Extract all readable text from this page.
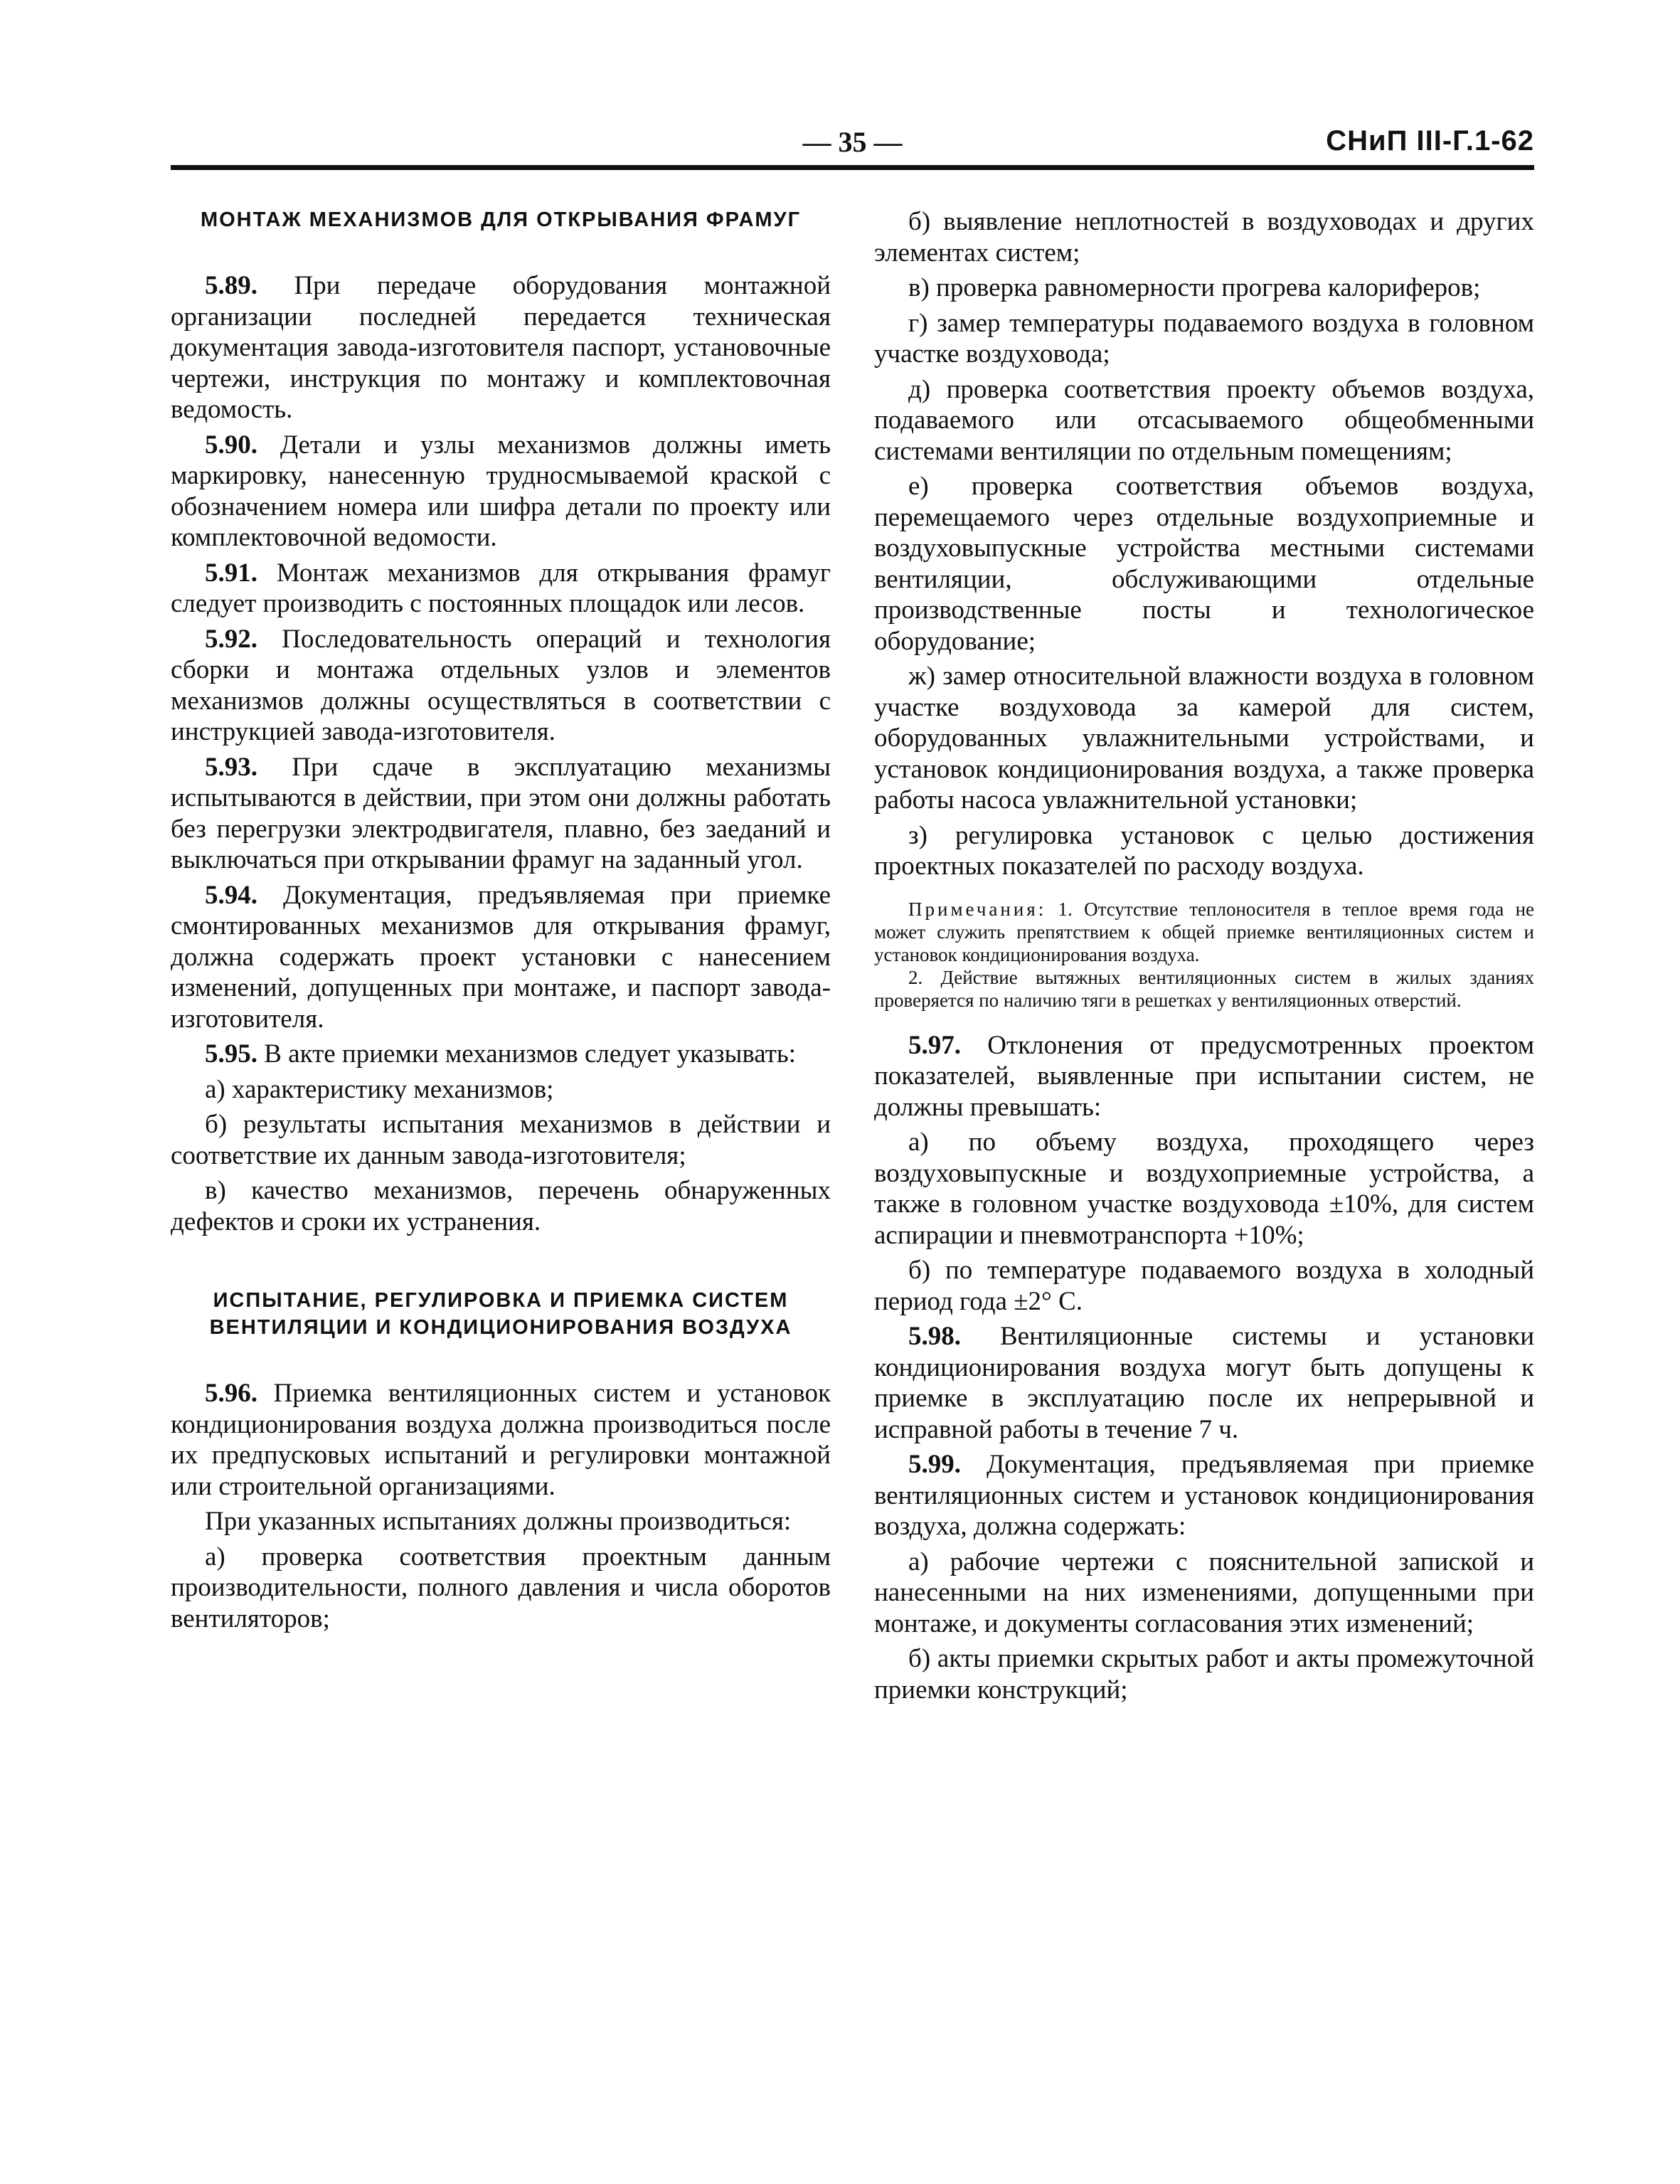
— 35 —	СНиП III-Г.1-62
МОНТАЖ МЕХАНИЗМОВ ДЛЯ ОТКРЫВАНИЯ ФРАМУГ

5.89. При передаче оборудования монтажной организации последней передается техническая документация завода-изготовителя паспорт, установочные чертежи, инструкция по монтажу и комплектовочная ведомость.

5.90. Детали и узлы механизмов должны иметь маркировку, нанесенную трудносмываемой краской с обозначением номера или шифра детали по проекту или комплектовочной ведомости.

5.91. Монтаж механизмов для открывания фрамуг следует производить с постоянных площадок или лесов.

5.92. Последовательность операций и технология сборки и монтажа отдельных узлов и элементов механизмов должны осуществляться в соответствии с инструкцией завода-изготовителя.

5.93. При сдаче в эксплуатацию механизмы испытываются в действии, при этом они должны работать без перегрузки электродвигателя, плавно, без заеданий и выключаться при открывании фрамуг на заданный угол.

5.94. Документация, предъявляемая при приемке смонтированных механизмов для открывания фрамуг, должна содержать проект установки с нанесением изменений, допущенных при монтаже, и паспорт завода-изготовителя.

5.95. В акте приемки механизмов следует указывать:

а) характеристику механизмов;

б) результаты испытания механизмов в действии и соответствие их данным завода-изготовителя;

в) качество механизмов, перечень обнаруженных дефектов и сроки их устранения.

ИСПЫТАНИЕ, РЕГУЛИРОВКА И ПРИЕМКА СИСТЕМ ВЕНТИЛЯЦИИ И КОНДИЦИОНИРОВАНИЯ ВОЗДУХА

5.96. Приемка вентиляционных систем и установок кондиционирования воздуха должна производиться после их предпусковых испытаний и регулировки монтажной или строительной организациями.

При указанных испытаниях должны производиться:

а) проверка соответствия проектным данным производительности, полного давления и числа оборотов вентиляторов;

б) выявление неплотностей в воздуховодах и других элементах систем;

в) проверка равномерности прогрева калориферов;

г) замер температуры подаваемого воздуха в головном участке воздуховода;

д) проверка соответствия проекту объемов воздуха, подаваемого или отсасываемого общеобменными системами вентиляции по отдельным помещениям;

е) проверка соответствия объемов воздуха, перемещаемого через отдельные воздухоприемные и воздуховыпускные устройства местными системами вентиляции, обслуживающими отдельные производственные посты и технологическое оборудование;

ж) замер относительной влажности воздуха в головном участке воздуховода за камерой для систем, оборудованных увлажнительными устройствами, и установок кондиционирования воздуха, а также проверка работы насоса увлажнительной установки;

з) регулировка установок с целью достижения проектных показателей по расходу воздуха.

Примечания: 1. Отсутствие теплоносителя в теплое время года не может служить препятствием к общей приемке вентиляционных систем и установок кондиционирования воздуха.

2. Действие вытяжных вентиляционных систем в жилых зданиях проверяется по наличию тяги в решетках у вентиляционных отверстий.

5.97. Отклонения от предусмотренных проектом показателей, выявленные при испытании систем, не должны превышать:

а) по объему воздуха, проходящего через воздуховыпускные и воздухоприемные устройства, а также в головном участке воздуховода ±10%, для систем аспирации и пневмотранспорта +10%;

б) по температуре подаваемого воздуха в холодный период года ±2° С.

5.98. Вентиляционные системы и установки кондиционирования воздуха могут быть допущены к приемке в эксплуатацию после их непрерывной и исправной работы в течение 7 ч.

5.99. Документация, предъявляемая при приемке вентиляционных систем и установок кондиционирования воздуха, должна содержать:

а) рабочие чертежи с пояснительной запиской и нанесенными на них изменениями, допущенными при монтаже, и документы согласования этих изменений;

б) акты приемки скрытых работ и акты промежуточной приемки конструкций;
